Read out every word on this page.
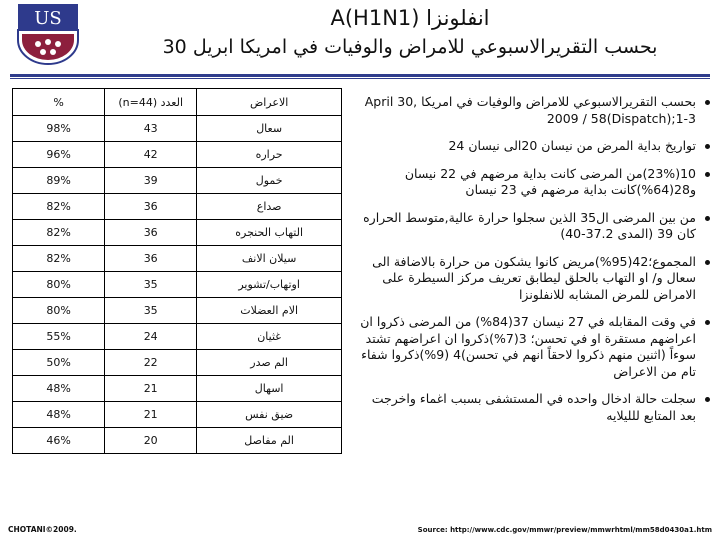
US	انفلونزا A(H1N1)
بحسب التقريرالاسبوعي للامراض والوفيات في امريكا ابريل 30
بحسب التقريرالاسبوعي للامراض والوفيات في امريكا April 30, 2009 / 58(Dispatch);1-3
تواريخ بداية المرض من نيسان 20الى نيسان 24
10(23%)من المرضى كانت بداية مرضهم في 22 نيسان و28(64%)كانت بداية مرضهم في 23 نيسان
من بين المرضى ال35 الذين سجلوا حرارة عالية,متوسط الحراره كان 39 (المدى 37.2-40)
المجموع؛42(95%)مريض كانوا يشكون من حرارة بالاضافة الى سعال و/ او التهاب بالحلق ليطابق تعريف مركز السيطرة على الامراض للمرض المشابه للانفلونزا
في وقت المقابله في 27 نيسان 37(84%) من المرضى ذكروا ان اعراضهم مستقرة او في تحسن؛ 3(7%)ذكروا ان اعراضهم تشتد سوءاً (اثنين منهم ذكروا لاحقاً انهم في تحسن)4 (9%)ذكروا شفاء تام من الاعراض
سجلت حالة ادخال واحده في المستشفى بسبب اغماء واخرجت بعد المتابع للليلايه
الاعراض	العدد (n=44)	%
سعال	43	98%
حراره	42	96%
خمول	39	89%
صداع	36	82%
التهاب الحنجره	36	82%
سيلان الانف	36	82%
اوتهاب/تشوير	35	80%
الام العضلات	35	80%
غثيان	24	55%
الم صدر	22	50%
اسهال	21	48%
ضيق نفس	21	48%
الم مفاصل	20	46%
CHOTANI©2009.	Source: http://www.cdc.gov/mmwr/preview/mmwrhtml/mm58d0430a1.htm
